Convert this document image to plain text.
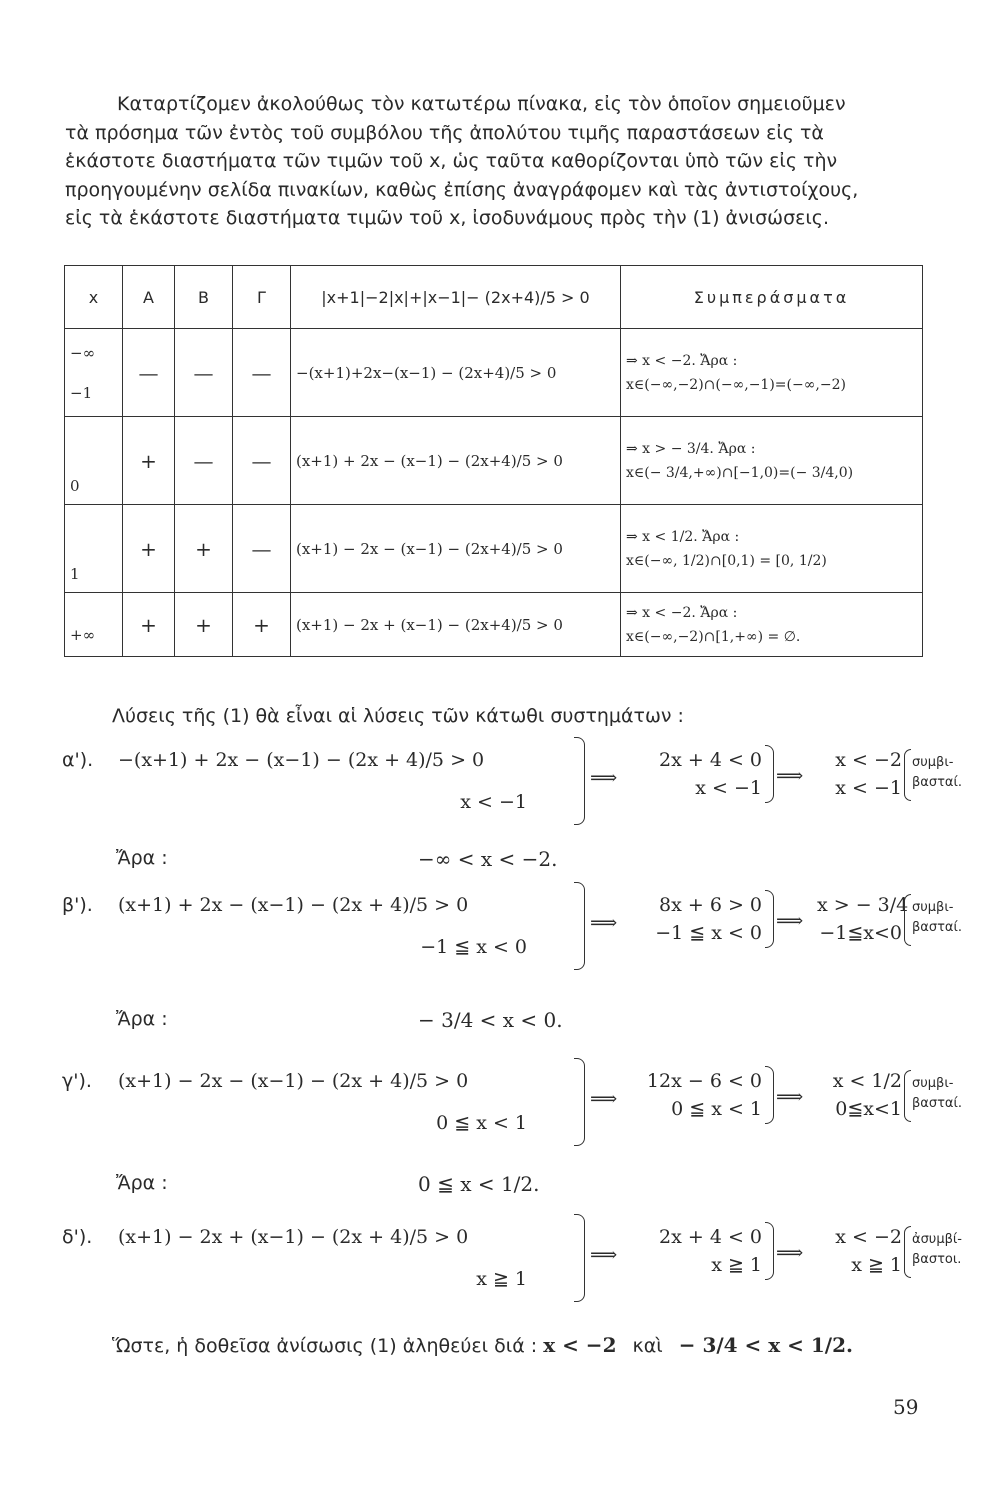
Καταρτίζομεν ἀκολούθως τὸν κατωτέρω πίνακα, εἰς τὸν ὁποῖον σημειοῦμεν
τὰ πρόσημα τῶν ἐντὸς τοῦ συμβόλου τῆς ἀπολύτου τιμῆς παραστάσεων εἰς τὰ
ἑκάστοτε διαστήματα τῶν τιμῶν τοῦ x, ὡς ταῦτα καθορίζονται ὑπὸ τῶν εἰς τὴν
προηγουμένην σελίδα πινακίων, καθὼς ἐπίσης ἀναγράφομεν καὶ τὰς ἀντιστοίχους,
εἰς τὰ ἑκάστοτε διαστήματα τιμῶν τοῦ x, ἰσοδυνάμους πρὸς τὴν (1) ἀνισώσεις.
x	A	B	Γ	|x+1|−2|x|+|x−1|− (2x+4)/5 > 0	Συμπεράσματα

−∞
−1	—	—	—	−(x+1)+2x−(x−1) − (2x+4)/5 > 0	⇒ x < −2. Ἄρα :
x∈(−∞,−2)∩(−∞,−1)=(−∞,−2)

0	+	—	—	(x+1) + 2x − (x−1) − (2x+4)/5 > 0	⇒ x > − 3/4. Ἄρα :
x∈(− 3/4,+∞)∩[−1,0)=(− 3/4,0)

1	+	+	—	(x+1) − 2x − (x−1) − (2x+4)/5 > 0	⇒ x < 1/2. Ἄρα :
x∈(−∞, 1/2)∩[0,1) = [0, 1/2)

+∞	+	+	+	(x+1) − 2x + (x−1) − (2x+4)/5 > 0	⇒ x < −2. Ἄρα :
x∈(−∞,−2)∩[1,+∞) = ∅.
Λύσεις τῆς (1) θὰ εἶναι αἱ λύσεις τῶν κάτωθι συστημάτων :
α'). −(x+1) + 2x − (x−1) − (2x + 4)/5 > 0
x < −1
⟹
2x + 4 < 0
x < −1
⟹
x < −2
x < −1
συμβι-βασταί.
Ἄρα :	−∞ < x < −2.
β'). (x+1) + 2x − (x−1) − (2x + 4)/5 > 0
−1 ≦ x < 0
⟹
8x + 6 > 0
−1 ≦ x < 0
⟹
x > − 3/4
−1≦x<0
συμβι-βασταί.
Ἄρα :	− 3/4 < x < 0.
γ'). (x+1) − 2x − (x−1) − (2x + 4)/5 > 0
0 ≦ x < 1
⟹
12x − 6 < 0
0 ≦ x < 1
⟹
x < 1/2
0≦x<1
συμβι-βασταί.
Ἄρα :	0 ≦ x < 1/2.
δ'). (x+1) − 2x + (x−1) − (2x + 4)/5 > 0
x ≧ 1
⟹
2x + 4 < 0
x ≧ 1
⟹
x < −2
x ≧ 1
ἀσυμβί-βαστοι.
Ὥστε, ἡ δοθεῖσα ἀνίσωσις (1) ἀληθεύει διά : x < −2 καὶ − 3/4 < x < 1/2.
59
